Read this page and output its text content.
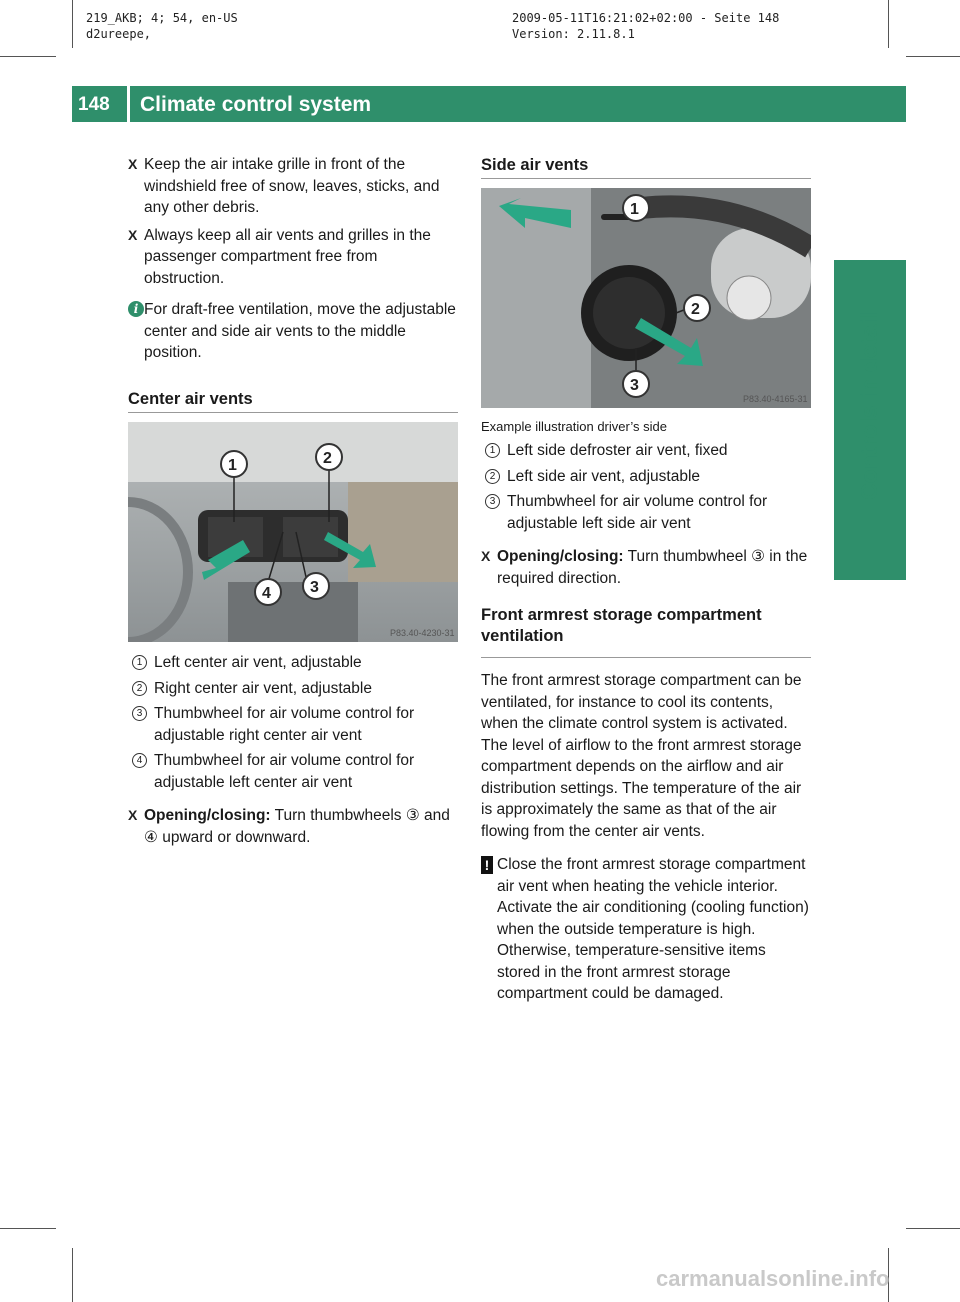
219_AKB; 4; 54, en-US
d2ureepe,
2009-05-11T16:21:02+02:00 - Seite 148
Version: 2.11.8.1
148	Climate control system
Controls in detail
X Keep the air intake grille in front of the windshield free of snow, leaves, sticks, and any other debris.
X Always keep all air vents and grilles in the passenger compartment free from obstruction.
i For draft-free ventilation, move the adjustable center and side air vents to the middle position.
Center air vents
1	2
3
4
P83.40-4230-31
1 Left center air vent, adjustable
2 Right center air vent, adjustable
3 Thumbwheel for air volume control for adjustable right center air vent
4 Thumbwheel for air volume control for adjustable left center air vent
X Opening/closing: Turn thumbwheels ③ and ④ upward or downward.
Side air vents
1
2
3
P83.40-4165-31
Example illustration driver’s side
1 Left side defroster air vent, fixed
2 Left side air vent, adjustable
3 Thumbwheel for air volume control for adjustable left side air vent
X Opening/closing: Turn thumbwheel ③ in the required direction.
Front armrest storage compartment ventilation
The front armrest storage compartment can be ventilated, for instance to cool its contents, when the climate control system is activated. The level of airflow to the front armrest storage compartment depends on the airflow and air distribution settings. The temperature of the air is approximately the same as that of the air flowing from the center air vents.
! Close the front armrest storage compartment air vent when heating the vehicle interior. Activate the air conditioning (cooling function) when the outside temperature is high. Otherwise, temperature-sensitive items stored in the front armrest storage compartment could be damaged.
carmanualsonline.info
